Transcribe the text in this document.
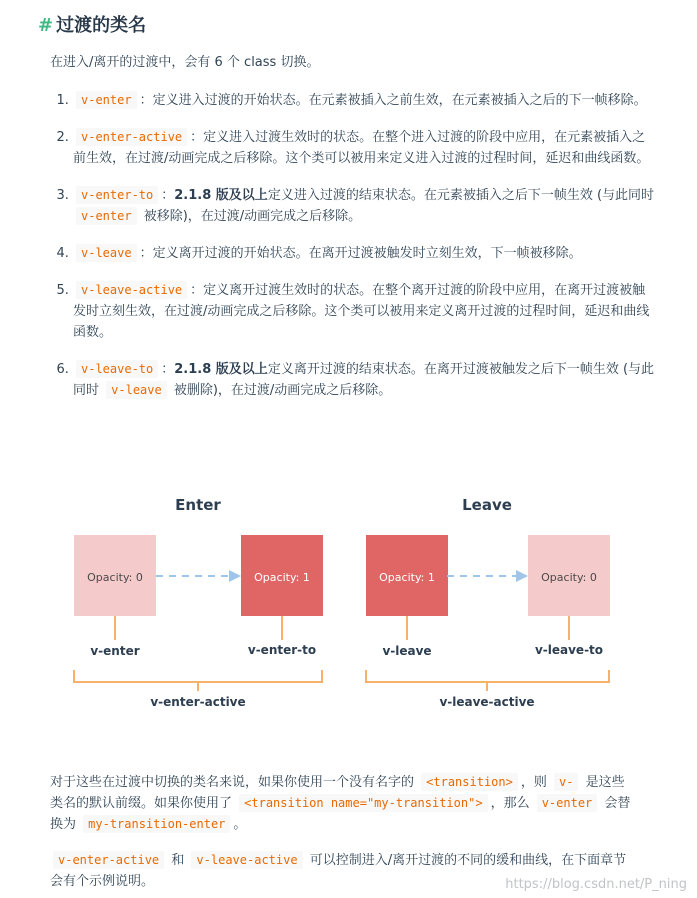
# 过渡的类名
在进入/离开的过渡中，会有 6 个 class 切换。
1. v-enter ：定义进入过渡的开始状态。在元素被插入之前生效，在元素被插入之后的下一帧移除。
2. v-enter-active ：定义进入过渡生效时的状态。在整个进入过渡的阶段中应用，在元素被插入之前生效，在过渡/动画完成之后移除。这个类可以被用来定义进入过渡的过程时间，延迟和曲线函数。
3. v-enter-to ：2.1.8 版及以上定义进入过渡的结束状态。在元素被插入之后下一帧生效 (与此同时 v-enter 被移除)，在过渡/动画完成之后移除。
4. v-leave ：定义离开过渡的开始状态。在离开过渡被触发时立刻生效，下一帧被移除。
5. v-leave-active ：定义离开过渡生效时的状态。在整个离开过渡的阶段中应用，在离开过渡被触发时立刻生效，在过渡/动画完成之后移除。这个类可以被用来定义离开过渡的过程时间，延迟和曲线函数。
6. v-leave-to ：2.1.8 版及以上定义离开过渡的结束状态。在离开过渡被触发之后下一帧生效 (与此同时 v-leave 被删除)，在过渡/动画完成之后移除。
Enter	Leave
Opacity: 0
v-enter
Opacity: 1
v-enter-to
Opacity: 1
v-leave
Opacity: 0
v-leave-to
v-enter-active	v-leave-active
对于这些在过渡中切换的类名来说，如果你使用一个没有名字的 <transition> ，则 v- 是这些类名的默认前缀。如果你使用了 <transition name="my-transition"> ，那么 v-enter 会替换为 my-transition-enter 。
v-enter-active 和 v-leave-active 可以控制进入/离开过渡的不同的缓和曲线，在下面章节会有个示例说明。	https://blog.csdn.net/P_ning
